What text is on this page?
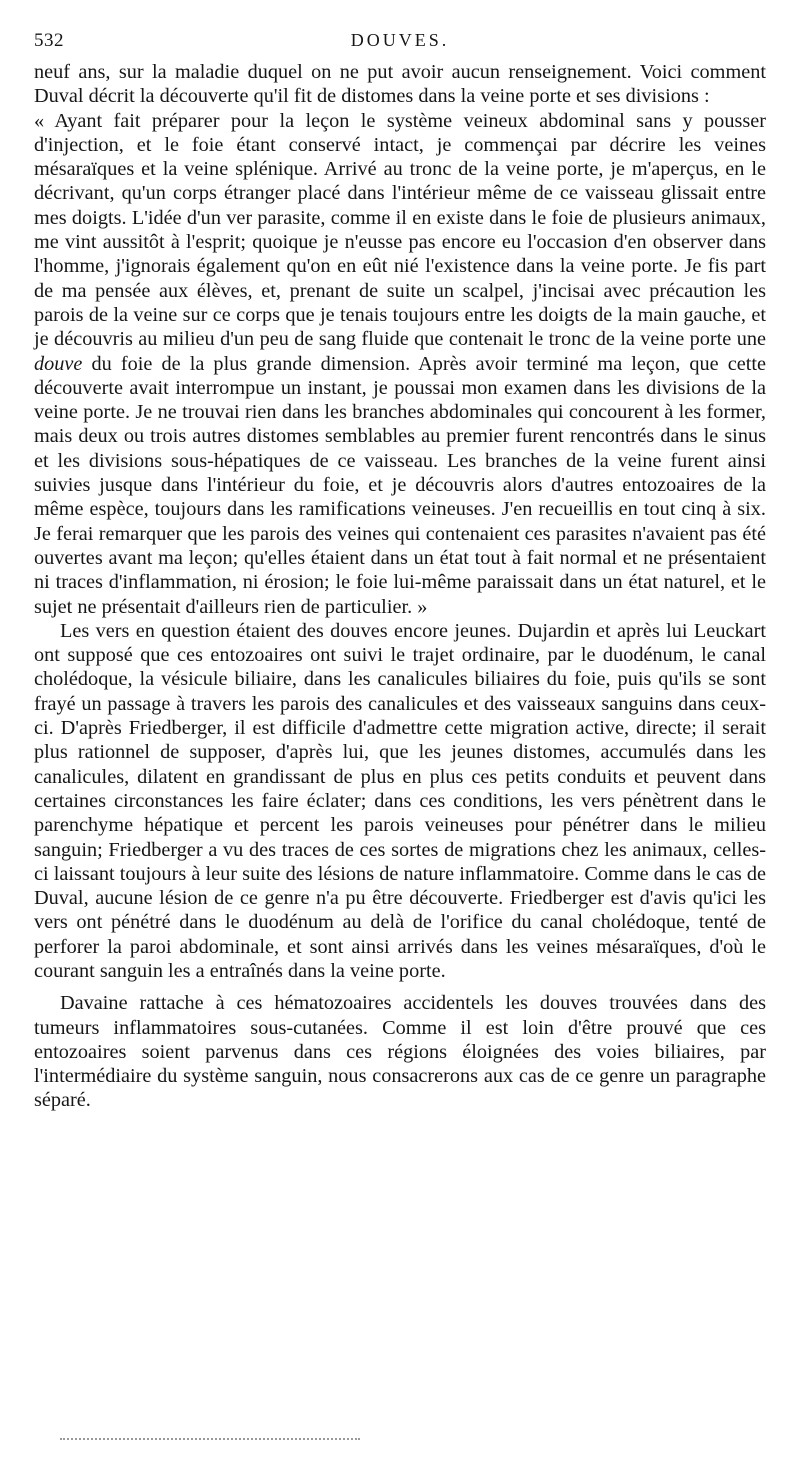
532	DOUVES.

neuf ans, sur la maladie duquel on ne put avoir aucun renseignement. Voici comment Duval décrit la découverte qu'il fit de distomes dans la veine porte et ses divisions :

« Ayant fait préparer pour la leçon le système veineux abdominal sans y pousser d'injection, et le foie étant conservé intact, je commençai par décrire les veines mésaraïques et la veine splénique. Arrivé au tronc de la veine porte, je m'aperçus, en le décrivant, qu'un corps étranger placé dans l'intérieur même de ce vaisseau glissait entre mes doigts. L'idée d'un ver parasite, comme il en existe dans le foie de plusieurs animaux, me vint aussitôt à l'esprit; quoique je n'eusse pas encore eu l'occasion d'en observer dans l'homme, j'ignorais également qu'on en eût nié l'existence dans la veine porte. Je fis part de ma pensée aux élèves, et, prenant de suite un scalpel, j'incisai avec précaution les parois de la veine sur ce corps que je tenais toujours entre les doigts de la main gauche, et je découvris au milieu d'un peu de sang fluide que contenait le tronc de la veine porte une douve du foie de la plus grande dimension. Après avoir terminé ma leçon, que cette découverte avait interrompue un instant, je poussai mon examen dans les divisions de la veine porte. Je ne trouvai rien dans les branches abdominales qui concourent à les former, mais deux ou trois autres distomes semblables au premier furent rencontrés dans le sinus et les divisions sous-hépatiques de ce vaisseau. Les branches de la veine furent ainsi suivies jusque dans l'intérieur du foie, et je découvris alors d'autres entozoaires de la même espèce, toujours dans les ramifications veineuses. J'en recueillis en tout cinq à six. Je ferai remarquer que les parois des veines qui contenaient ces parasites n'avaient pas été ouvertes avant ma leçon; qu'elles étaient dans un état tout à fait normal et ne présentaient ni traces d'inflammation, ni érosion; le foie lui-même paraissait dans un état naturel, et le sujet ne présentait d'ailleurs rien de particulier. »

Les vers en question étaient des douves encore jeunes. Dujardin et après lui Leuckart ont supposé que ces entozoaires ont suivi le trajet ordinaire, par le duodénum, le canal cholédoque, la vésicule biliaire, dans les canalicules biliaires du foie, puis qu'ils se sont frayé un passage à travers les parois des canalicules et des vaisseaux sanguins dans ceux-ci. D'après Friedberger, il est difficile d'admettre cette migration active, directe; il serait plus rationnel de supposer, d'après lui, que les jeunes distomes, accumulés dans les canalicules, dilatent en grandissant de plus en plus ces petits conduits et peuvent dans certaines circonstances les faire éclater; dans ces conditions, les vers pénètrent dans le parenchyme hépatique et percent les parois veineuses pour pénétrer dans le milieu sanguin; Friedberger a vu des traces de ces sortes de migrations chez les animaux, celles-ci laissant toujours à leur suite des lésions de nature inflammatoire. Comme dans le cas de Duval, aucune lésion de ce genre n'a pu être découverte. Friedberger est d'avis qu'ici les vers ont pénétré dans le duodénum au delà de l'orifice du canal cholédoque, tenté de perforer la paroi abdominale, et sont ainsi arrivés dans les veines mésaraïques, d'où le courant sanguin les a entraînés dans la veine porte.

Davaine rattache à ces hématozoaires accidentels les douves trouvées dans des tumeurs inflammatoires sous-cutanées. Comme il est loin d'être prouvé que ces entozoaires soient parvenus dans ces régions éloignées des voies biliaires, par l'intermédiaire du système sanguin, nous consacrerons aux cas de ce genre un paragraphe séparé.
